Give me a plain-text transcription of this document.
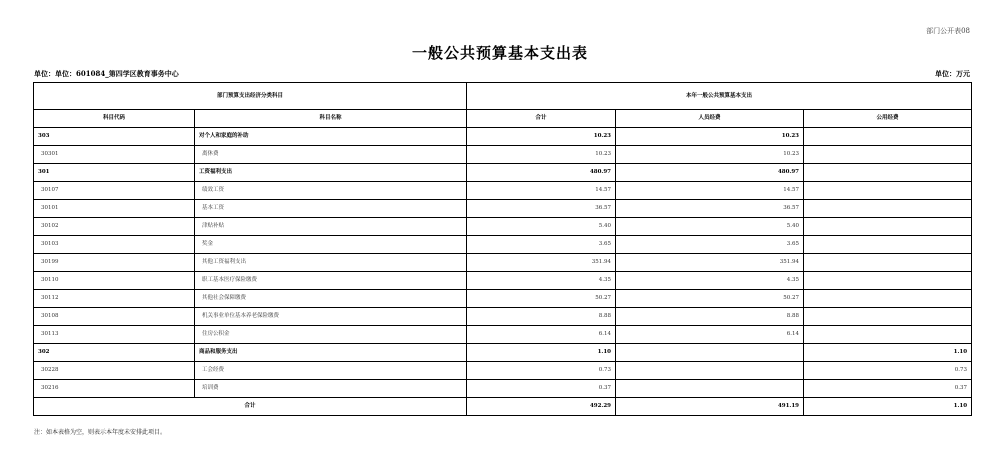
部门公开表08
一般公共预算基本支出表
单位：单位：601084_第四学区教育事务中心	单位：万元
部门预算支出经济分类科目		本年一般公共预算基本支出		
科目代码	科目名称	合计	人员经费	公用经费
303	对个人和家庭的补助	10.23	10.23	
30301	离休费	10.23	10.23	
301	工资福利支出	480.97	480.97	
30107	绩效工资	14.57	14.57	
30101	基本工资	36.57	36.57	
30102	津贴补贴	5.40	5.40	
30103	奖金	3.65	3.65	
30199	其他工资福利支出	351.94	351.94	
30110	职工基本医疗保险缴费	4.35	4.35	
30112	其他社会保障缴费	50.27	50.27	
30108	机关事业单位基本养老保险缴费	8.88	8.88	
30113	住房公积金	6.14	6.14	
302	商品和服务支出	1.10		1.10
30228	工会经费	0.73		0.73
30216	培训费	0.37		0.37
合计		492.29	491.19	1.10
注：如本表格为空，则表示本年度未安排此项目。
